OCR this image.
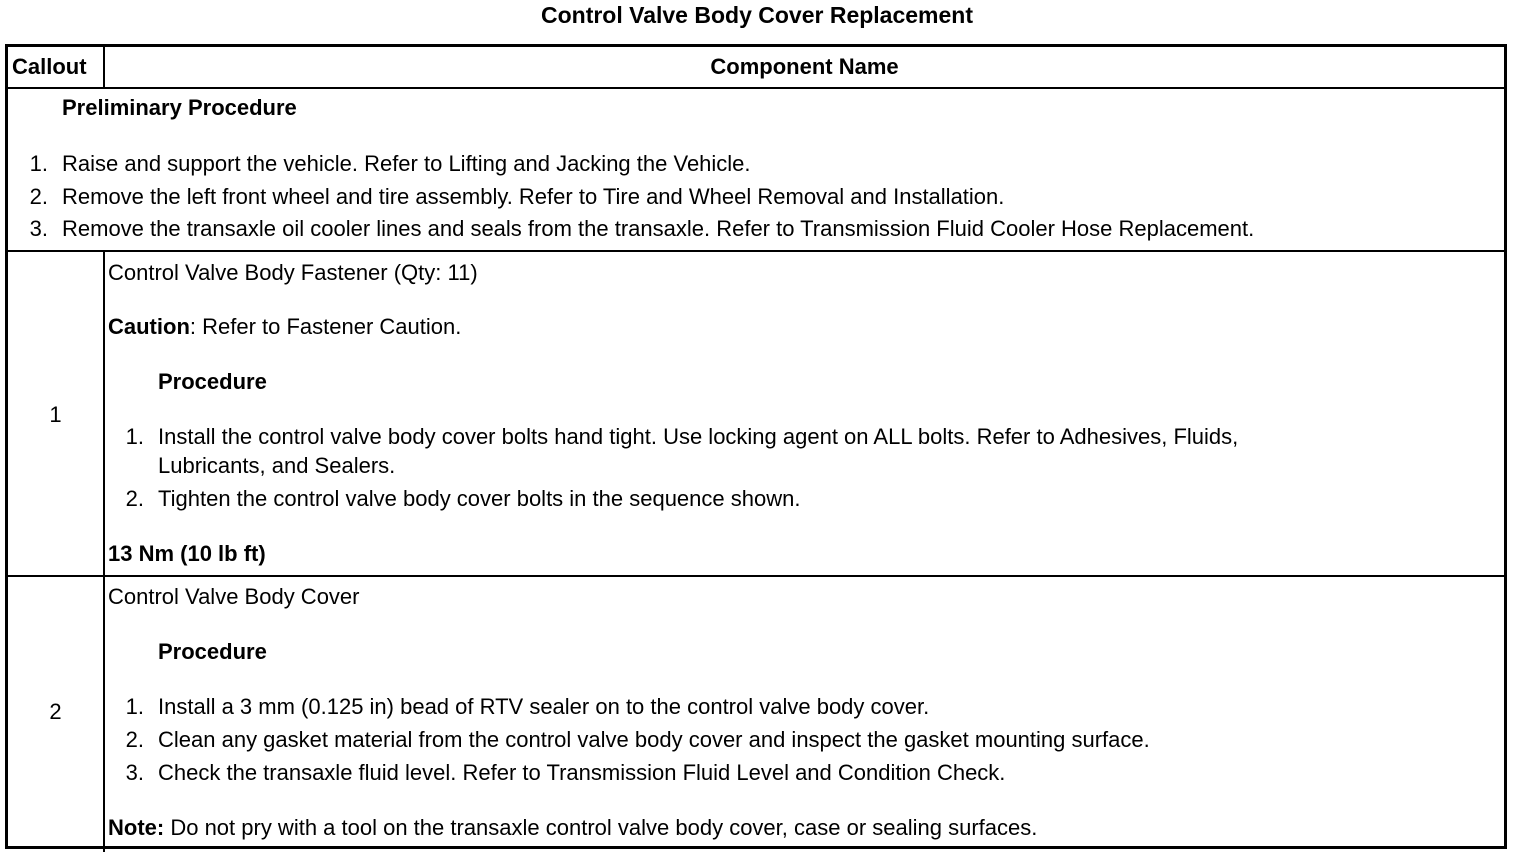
Control Valve Body Cover Replacement
Callout	Component Name
Preliminary Procedure
1. Raise and support the vehicle. Refer to Lifting and Jacking the Vehicle.
2. Remove the left front wheel and tire assembly. Refer to Tire and Wheel Removal and Installation.
3. Remove the transaxle oil cooler lines and seals from the transaxle. Refer to Transmission Fluid Cooler Hose Replacement.
1
Control Valve Body Fastener (Qty: 11)
Caution: Refer to Fastener Caution.
Procedure
1. Install the control valve body cover bolts hand tight. Use locking agent on ALL bolts. Refer to Adhesives, Fluids,
Lubricants, and Sealers.
2. Tighten the control valve body cover bolts in the sequence shown.
13 Nm (10 lb ft)
2
Control Valve Body Cover
Procedure
1. Install a 3 mm (0.125 in) bead of RTV sealer on to the control valve body cover.
2. Clean any gasket material from the control valve body cover and inspect the gasket mounting surface.
3. Check the transaxle fluid level. Refer to Transmission Fluid Level and Condition Check.
Note: Do not pry with a tool on the transaxle control valve body cover, case or sealing surfaces.
